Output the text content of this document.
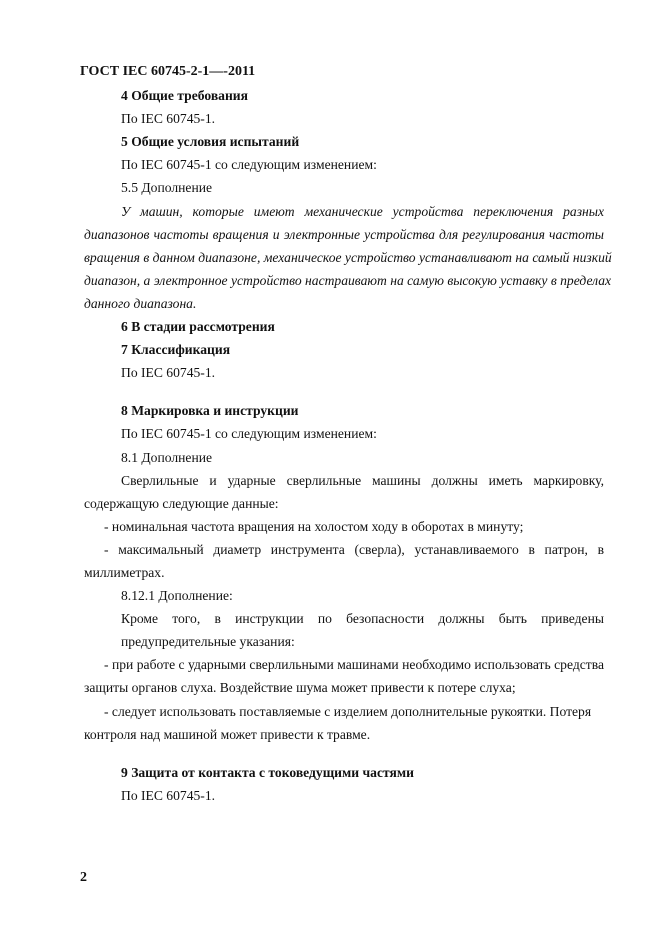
ГОСТ IEC 60745-2-1—-2011
4 Общие требования
По IEC 60745-1.
5 Общие условия испытаний
По IEC 60745-1 со следующим изменением:
5.5 Дополнение
У машин, которые имеют механические устройства переключения разных
диапазонов частоты вращения и электронные устройства для регулирования частоты
вращения в данном диапазоне, механическое устройство устанавливают на самый низкий
диапазон, а электронное устройство настраивают на самую высокую уставку в пределах
данного диапазона.
6 В стадии рассмотрения
7 Классификация
По IEC 60745-1.
8 Маркировка и инструкции
По IEC 60745-1 со следующим изменением:
8.1 Дополнение
Сверлильные и ударные сверлильные машины должны иметь маркировку,
содержащую следующие данные:
- номинальная частота вращения на холостом ходу в оборотах в минуту;
- максимальный диаметр инструмента (сверла), устанавливаемого в патрон, в
миллиметрах.
8.12.1 Дополнение:
Кроме того, в инструкции по безопасности должны быть приведены
предупредительные указания:
- при работе с ударными сверлильными машинами необходимо использовать средства
защиты органов слуха. Воздействие шума может привести к потере слуха;
- следует использовать поставляемые с изделием дополнительные рукоятки. Потеря
контроля над машиной может привести к травме.
9 Защита от контакта с токоведущими частями
По IEC 60745-1.
2
